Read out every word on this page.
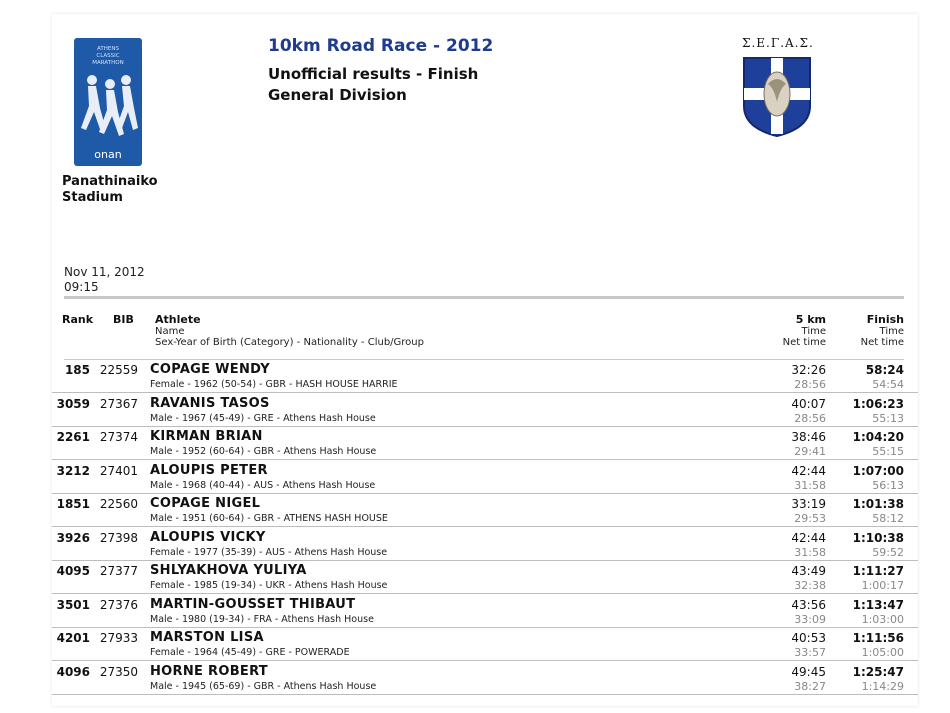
ATHENS
CLASSIC
MARATHON
onan
Panathinaiko
Stadium
10km Road Race - 2012
Unofficial results - Finish
General Division
Σ.Ε.Γ.Α.Σ.
Nov 11, 2012
09:15
Rank BIB Athlete
Name
Sex-Year of Birth (Category) - Nationality - Club/Group
5 km
Time
Net time
Finish
Time
Net time
185 22559 COPAGE WENDY
Female - 1962 (50-54) - GBR - HASH HOUSE HARRIE
32:26
28:56
58:24
54:54
3059 27367 RAVANIS TASOS
Male - 1967 (45-49) - GRE - Athens Hash House
40:07
28:56
1:06:23
55:13
2261 27374 KIRMAN BRIAN
Male - 1952 (60-64) - GBR - Athens Hash House
38:46
29:41
1:04:20
55:15
3212 27401 ALOUPIS PETER
Male - 1968 (40-44) - AUS - Athens Hash House
42:44
31:58
1:07:00
56:13
1851 22560 COPAGE NIGEL
Male - 1951 (60-64) - GBR - ATHENS HASH HOUSE
33:19
29:53
1:01:38
58:12
3926 27398 ALOUPIS VICKY
Female - 1977 (35-39) - AUS - Athens Hash House
42:44
31:58
1:10:38
59:52
4095 27377 SHLYAKHOVA YULIYA
Female - 1985 (19-34) - UKR - Athens Hash House
43:49
32:38
1:11:27
1:00:17
3501 27376 MARTIN-GOUSSET THIBAUT
Male - 1980 (19-34) - FRA - Athens Hash House
43:56
33:09
1:13:47
1:03:00
4201 27933 MARSTON LISA
Female - 1964 (45-49) - GRE - POWERADE
40:53
33:57
1:11:56
1:05:00
4096 27350 HORNE ROBERT
Male - 1945 (65-69) - GBR - Athens Hash House
49:45
38:27
1:25:47
1:14:29
